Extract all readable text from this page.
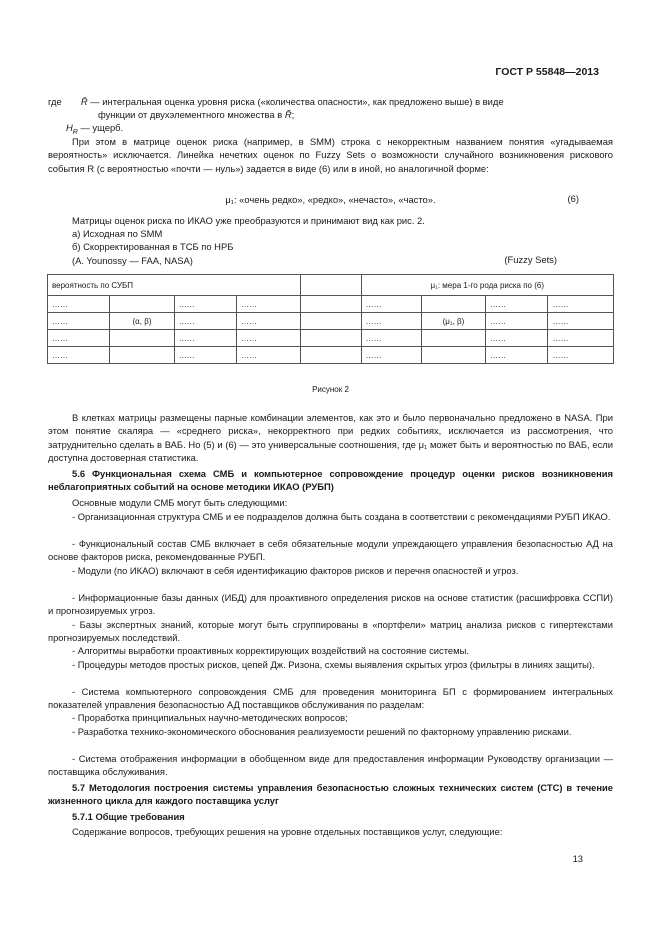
ГОСТ Р 55848—2013
где Ȓ — интегральная оценка уровня риска («количества опасности», как предложено выше) в виде
функции от двухэлементного множества в R̃;
$H_R$ — ущерб.
При этом в матрице оценок риска (например, в SMM) строка с некорректным названием понятия «угадываемая вероятность» исключается. Линейка нечетких оценок по Fuzzy Sets о возможности случайного возникновения рискового события R (с вероятностью «почти — нуль») задается в виде (6) или в иной, но аналогичной форме:
μ₁: «очень редко», «редко», «нечасто», «часто».	(6)
Матрицы оценок риска по ИКАО уже преобразуются и принимают вид как рис. 2.
а) Исходная по SMM
б) Скорректированная в ТСБ по НРБ
(A. Younossy — FAA, NASA)	(Fuzzy Sets)
вероятность по СУБП					μ₁: мера 1-го рода риска по (6)			
……		……	……		……		……	……
……	(α, β)	……	……		……	(μ₁, β)	……	……
……		……	……		……		……	……
……		……	……		……		……	……
Рисунок 2
В клетках матрицы размещены парные комбинации элементов, как это и было первоначально предложено в NASA. При этом понятие скаляра — «среднего риска», некорректного при редких событиях, исключается из рассмотрения, что затруднительно сделать в ВАБ. Но (5) и (6) — это универсальные соотношения, где μ₁ может быть и вероятностью по ВАБ, если доступна достоверная статистика.
5.6 Функциональная схема СМБ и компьютерное сопровождение процедур оценки рисков возникновения неблагоприятных событий на основе методики ИКАО (РУБП)
Основные модули СМБ могут быть следующими:
- Организационная структура СМБ и ее подразделов должна быть создана в соответствии с рекомендациями РУБП ИКАО.
- Функциональный состав СМБ включает в себя обязательные модули упреждающего управления безопасностью АД на основе факторов риска, рекомендованные РУБП.
- Модули (по ИКАО) включают в себя идентификацию факторов рисков и перечня опасностей и угроз.
- Информационные базы данных (ИБД) для проактивного определения рисков на основе статистик (расшифровка ССПИ) и прогнозируемых угроз.
- Базы экспертных знаний, которые могут быть сгруппированы в «портфели» матриц анализа рисков с гипертекстами прогнозируемых последствий.
- Алгоритмы выработки проактивных корректирующих воздействий на состояние системы.
- Процедуры методов простых рисков, цепей Дж. Ризона, схемы выявления скрытых угроз (фильтры в линиях защиты).
- Система компьютерного сопровождения СМБ для проведения мониторинга БП с формированием интегральных показателей управления безопасностью АД поставщиков обслуживания по разделам:
- Проработка принципиальных научно-методических вопросов;
- Разработка технико-экономического обоснования реализуемости решений по факторному управлению рисками.
- Система отображения информации в обобщенном виде для предоставления информации Руководству организации — поставщика обслуживания.
5.7 Методология построения системы управления безопасностью сложных технических систем (СТС) в течение жизненного цикла для каждого поставщика услуг
5.7.1 Общие требования
Содержание вопросов, требующих решения на уровне отдельных поставщиков услуг, следующие:
13
